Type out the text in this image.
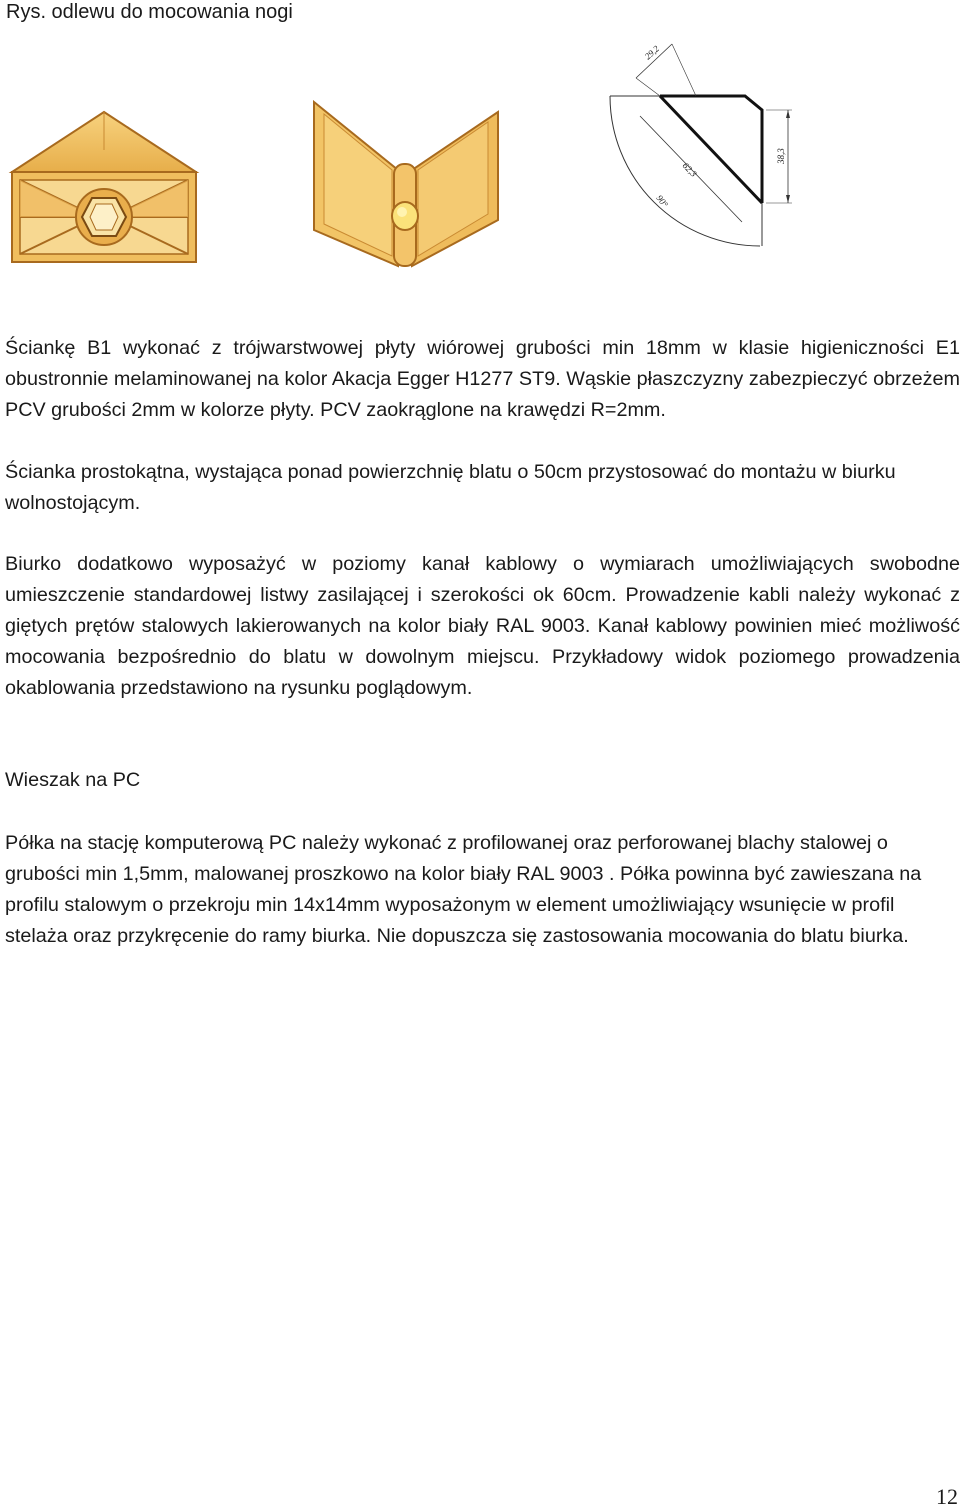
Rys. odlewu do mocowania nogi
29,2
62,3
38,3
90°

Ściankę B1 wykonać z trójwarstwowej płyty wiórowej grubości min 18mm w klasie higieniczności E1 obustronnie melaminowanej na kolor Akacja Egger H1277 ST9. Wąskie płaszczyzny zabezpieczyć obrzeżem PCV grubości 2mm w kolorze płyty. PCV zaokrąglone na krawędzi R=2mm.

Ścianka prostokątna, wystająca ponad powierzchnię blatu o 50cm przystosować do montażu w biurku wolnostojącym.

Biurko dodatkowo wyposażyć w poziomy kanał kablowy o wymiarach umożliwiających swobodne umieszczenie standardowej listwy zasilającej i szerokości ok 60cm. Prowadzenie kabli należy wykonać z giętych prętów stalowych lakierowanych na kolor biały RAL 9003. Kanał kablowy powinien mieć możliwość mocowania bezpośrednio do blatu w dowolnym miejscu. Przykładowy widok poziomego prowadzenia okablowania przedstawiono na rysunku poglądowym.

Wieszak na PC

Półka na stację komputerową PC należy wykonać z profilowanej oraz perforowanej blachy stalowej o grubości min 1,5mm, malowanej proszkowo na kolor biały RAL 9003 . Półka powinna być zawieszana na profilu stalowym o przekroju min 14x14mm wyposażonym w element umożliwiający wsunięcie w profil stelaża oraz przykręcenie do ramy biurka. Nie dopuszcza się zastosowania mocowania do blatu biurka.

12
